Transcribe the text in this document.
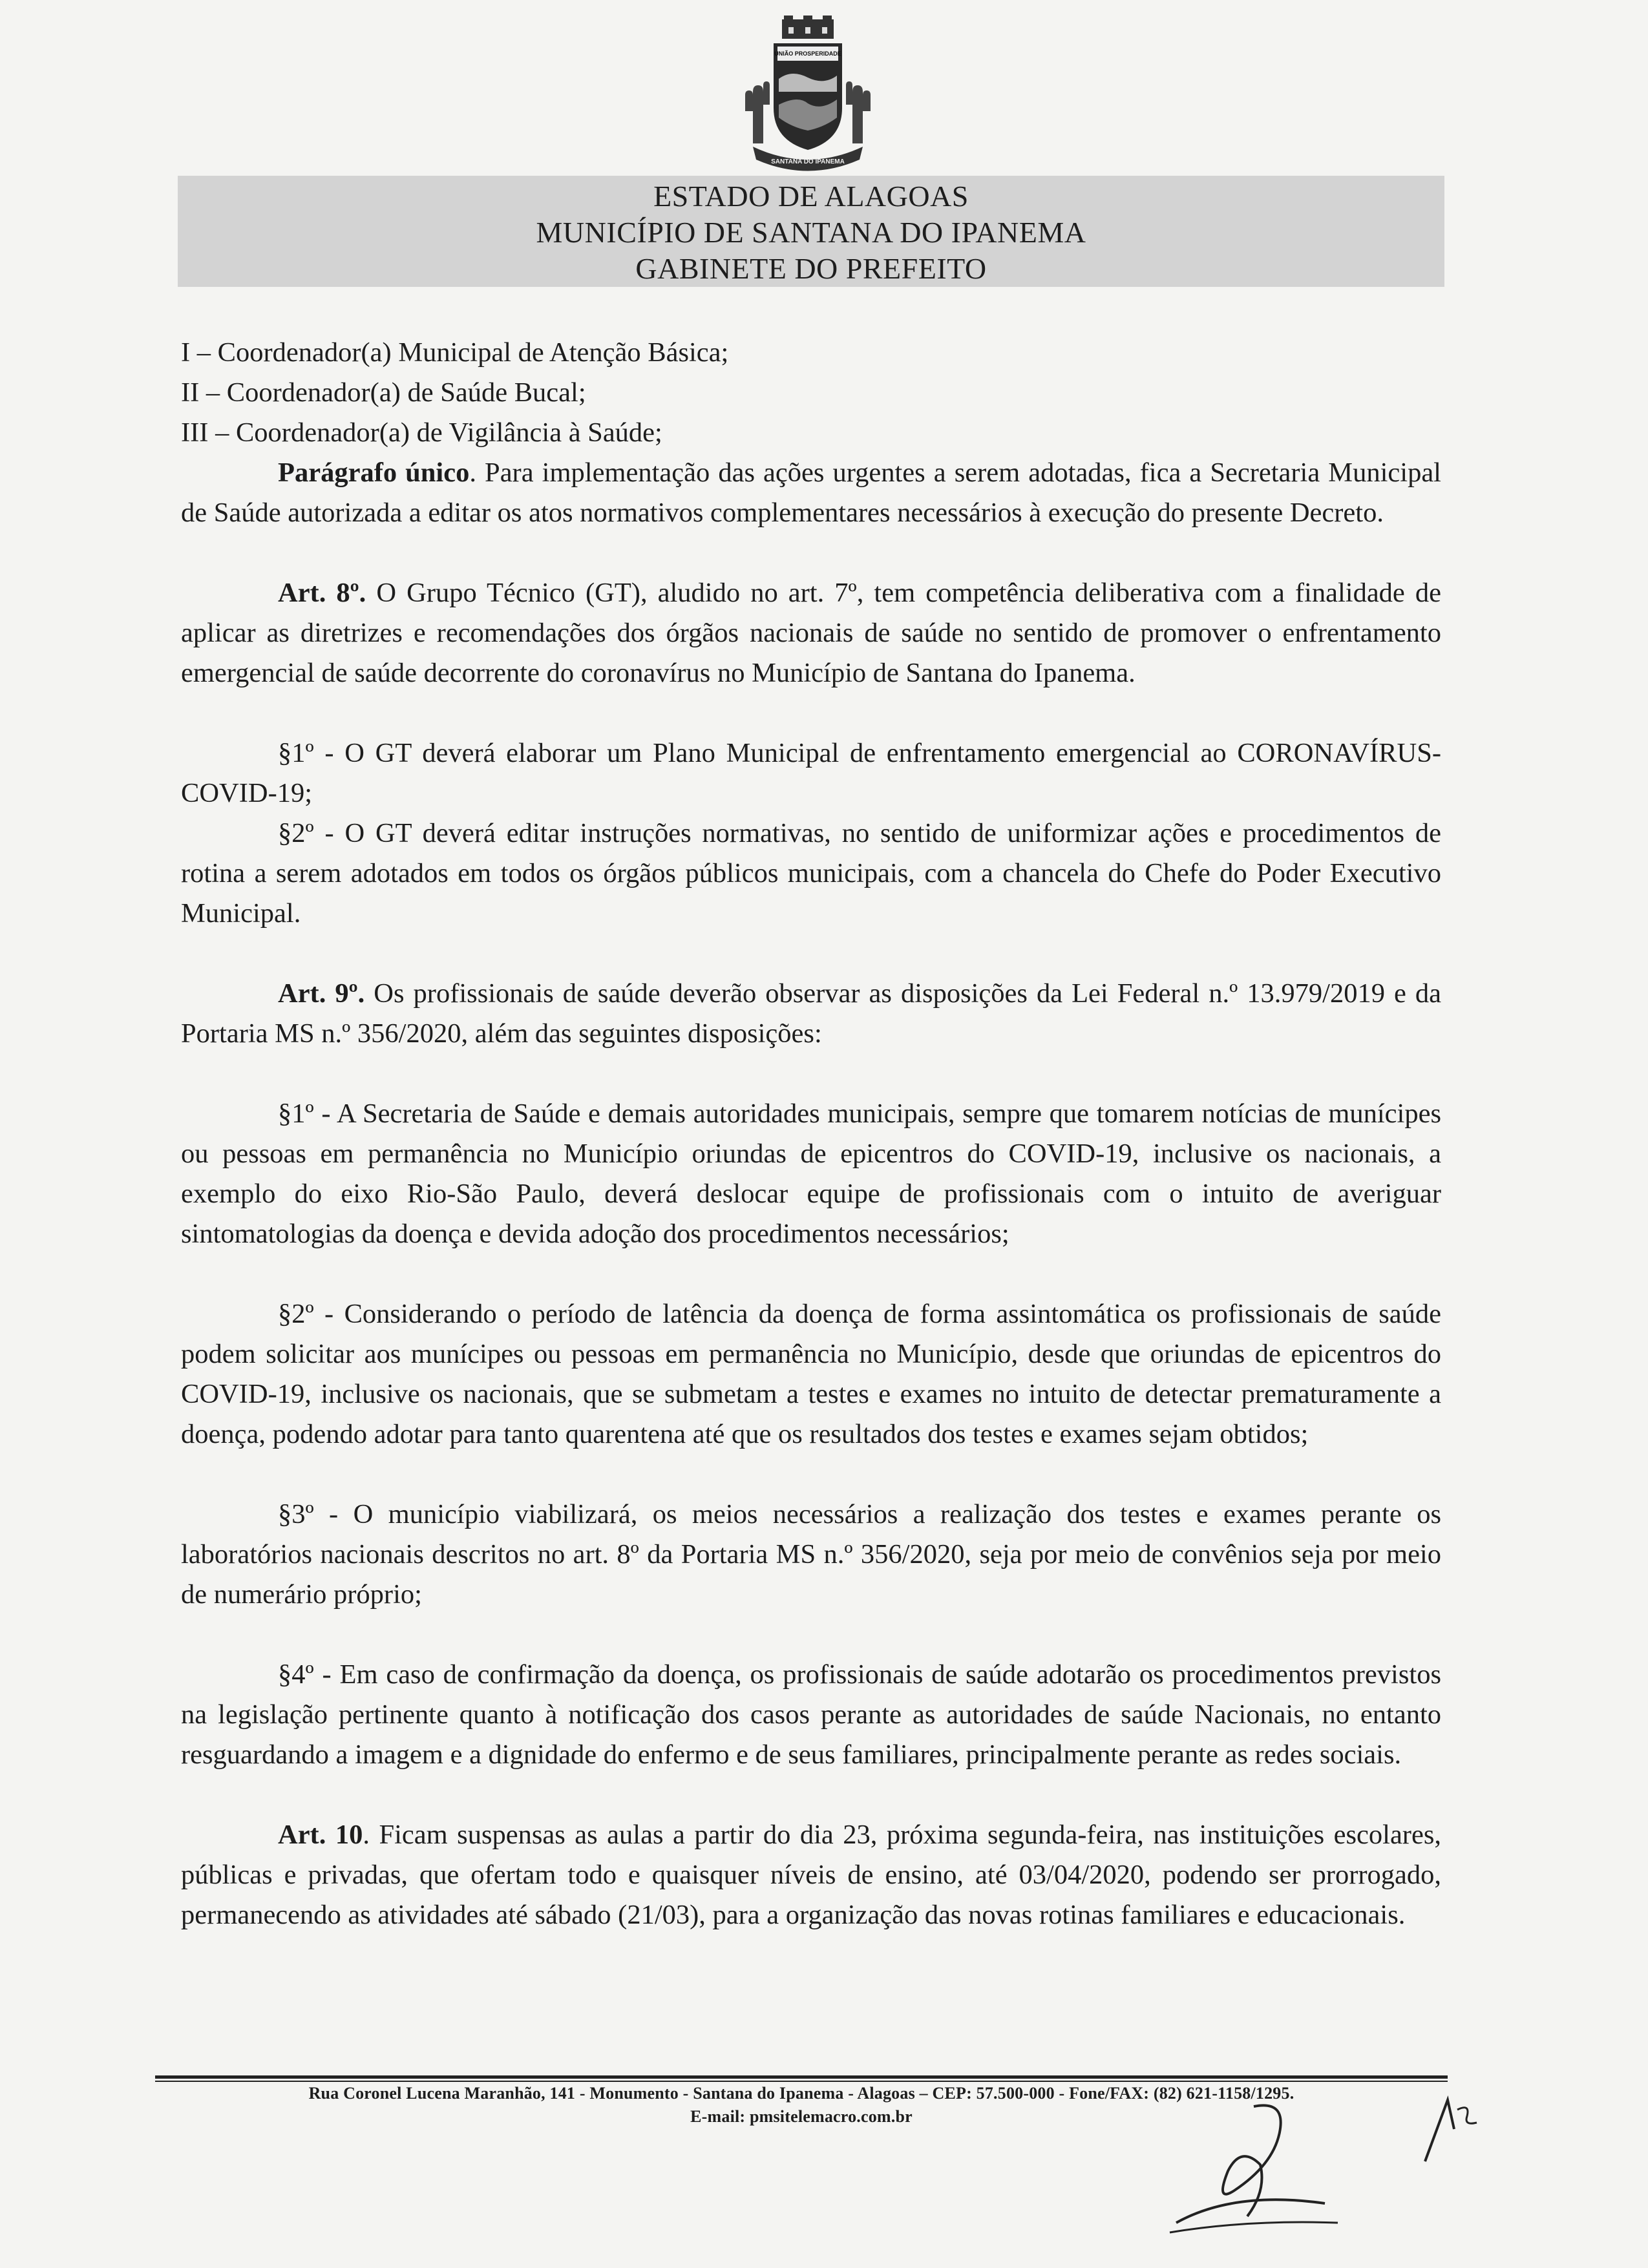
UNIÃO PROSPERIDADE
SANTANA DO IPANEMA
ESTADO DE ALAGOAS
MUNICÍPIO DE SANTANA DO IPANEMA
GABINETE DO PREFEITO

I – Coordenador(a) Municipal de Atenção Básica;

II – Coordenador(a) de Saúde Bucal;

III – Coordenador(a) de Vigilância à Saúde;

Parágrafo único. Para implementação das ações urgentes a serem adotadas, fica a Secretaria Municipal de Saúde autorizada a editar os atos normativos complementares necessários à execução do presente Decreto.

Art. 8º. O Grupo Técnico (GT), aludido no art. 7º, tem competência deliberativa com a finalidade de aplicar as diretrizes e recomendações dos órgãos nacionais de saúde no sentido de promover o enfrentamento emergencial de saúde decorrente do coronavírus no Município de Santana do Ipanema.

§1º - O GT deverá elaborar um Plano Municipal de enfrentamento emergencial ao CORONAVÍRUS- COVID-19;

§2º - O GT deverá editar instruções normativas, no sentido de uniformizar ações e procedimentos de rotina a serem adotados em todos os órgãos públicos municipais, com a chancela do Chefe do Poder Executivo Municipal.

Art. 9º. Os profissionais de saúde deverão observar as disposições da Lei Federal n.º 13.979/2019 e da Portaria MS n.º 356/2020, além das seguintes disposições:

§1º - A Secretaria de Saúde e demais autoridades municipais, sempre que tomarem notícias de munícipes ou pessoas em permanência no Município oriundas de epicentros do COVID-19, inclusive os nacionais, a exemplo do eixo Rio-São Paulo, deverá deslocar equipe de profissionais com o intuito de averiguar sintomatologias da doença e devida adoção dos procedimentos necessários;

§2º - Considerando o período de latência da doença de forma assintomática os profissionais de saúde podem solicitar aos munícipes ou pessoas em permanência no Município, desde que oriundas de epicentros do COVID-19, inclusive os nacionais, que se submetam a testes e exames no intuito de detectar prematuramente a doença, podendo adotar para tanto quarentena até que os resultados dos testes e exames sejam obtidos;

§3º - O município viabilizará, os meios necessários a realização dos testes e exames perante os laboratórios nacionais descritos no art. 8º da Portaria MS n.º 356/2020, seja por meio de convênios seja por meio de numerário próprio;

§4º - Em caso de confirmação da doença, os profissionais de saúde adotarão os procedimentos previstos na legislação pertinente quanto à notificação dos casos perante as autoridades de saúde Nacionais, no entanto resguardando a imagem e a dignidade do enfermo e de seus familiares, principalmente perante as redes sociais.

Art. 10. Ficam suspensas as aulas a partir do dia 23, próxima segunda-feira, nas instituições escolares, públicas e privadas, que ofertam todo e quaisquer níveis de ensino, até 03/04/2020, podendo ser prorrogado, permanecendo as atividades até sábado (21/03), para a organização das novas rotinas familiares e educacionais.

Rua Coronel Lucena Maranhão, 141 - Monumento - Santana do Ipanema - Alagoas – CEP: 57.500-000 - Fone/FAX: (82) 621-1158/1295.
E-mail: pmsitelemacro.com.br
